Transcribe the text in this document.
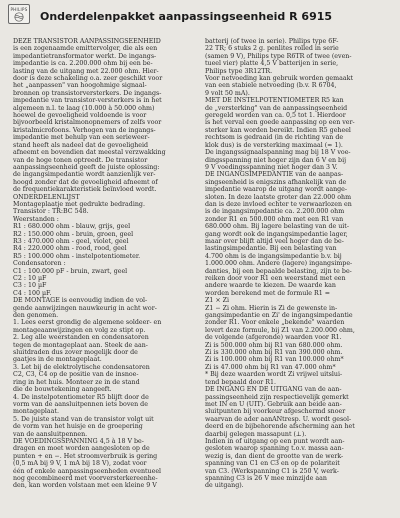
PHILIPS
Onderdelenpakket aanpassingseenheid R 6915

DEZE TRANSISTOR AANPASSINGSEENHEID

is een zogenaamde emittervolger, die als een

impedantietransformator werkt. De ingangs-

impedantie is ca. 2.200.000 ohm bij een be-

lasting van de uitgang met 22.000 ohm. Hier-

door is deze schakeling o.a. zeer geschikt voor

het „aanpassen" van hoogohmige signaal-

bronnen op transistorversterkers. De ingangs-

impedantie van transistor-versterkers is in het

algemeen n.l. te laag (10.000 à 50.000 ohm)

hoewel de gevoeligheid voldoende is voor

bijvoorbeeld kristalmonopnemers of zelfs voor

kristalmicrofoons. Verhogen van de ingangs-

impedantie met behulp van een serieweer-

stand heeft als nadeel dat de gevoeligheid

afneemt en bovendien dat meestal verzwakking

van de hoge tonen optreedt. De transistor

aanpassingseenheid geeft de juiste oplossing:

de ingangsimpedantie wordt aanzienlijk ver-

hoogd zonder dat de gevoeligheid afneemt of

de frequentiekarakteristiek beïnvloed wordt.

ONDERDELENLIJST

Montageplaatje met gedrukte bedrading.

Transistor : TR:BC 548.

Weerstanden :

R1 : 680.000 ohm - blauw, grijs, geel

R2 : 150.000 ohm - bruin, groen, geel

R3 : 470.000 ohm - geel, violet, geel

R4 : 220.000 ohm - rood, rood, geel

R5 : 100.000 ohm - instelpotentiometer.

Condensatoren :

C1 : 100.000 pF - bruin, zwart, geel

C2 : 10 µF

C3 : 10 µF

C4 : 100 µF.

DE MONTAGE is eenvoudig indien de vol-

gende aanwijzingen nauwkeurig in acht wor-

den genomen.

1. Lees eerst grondig de algemene soldeer- en

montageaanwijzingen en volg ze stipt op.

2. Leg alle weerstanden en condensatoren

tegen de montageplaat aan. Steek de aan-

sluitdraden dus zover mogelijk door de

gaatjes in de montageplaat.

3. Let bij de elektrolytische condensatoren

C2, C3, C4 op de positie van de insnoe-

ring in het huis. Monteer ze in de stand

die de bouwtekening aangeeft.

4. De instelpotentiometer R5 blijft door de

vorm van de aansluitpennen iets boven de

montageplaat.

5. De juiste stand van de transistor volgt uit

de vorm van het huisje en de groepering

van de aansluitpennen.

DE VOEDINGSSPANNING 4,5 à 18 V be-

dragen en moet worden aangesloten op de

punten + en −. Het stroomverbruik is gering

(0,5 mA bij 9 V, 1 mA bij 18 V), zodat voor

één of enkele aanpassingseenheden eventueel

nog gecombineerd met voorversterkereenhe-

den, kan worden volstaan met een kleine 9 V

batterij (of twee in serie). Philips type 6F-

22 TR; 6 stuks 2 g. penlites rolled in serie

(samen 9 V), Philips type R6TR of twee (even-

tueel vier) platte 4,5 V batterijen in serie,

Philips type 3R12TR.

Voor netvoeding kan gebruik worden gemaakt

van een stabiele netvoeding (b.v. R 6704,

9 volt 50 mA).

MET DE INSTELPOTENTIOMETER R5 kan

de „versterking" van de aanpassingseenheid

geregeld worden van ca. 0,5 tot 1. Hierdoor

is het verval een goede aanpassing op een ver-

sterker kan worden bereikt. Indien R5 geheel

rechtsom is gedraaid (in de richting van de

klok dus) is de versterking maximaal (≈ 1).

De ingangssignaalspanning mag bij 18 V voe-

dingsspanning niet hoger zijn dan 6 V en bij

9 V voedingsspanning niet hoger dan 3 V.

DE INGANGSIMPEDANTIE van de aanpas-

singseenheid is enigszins afhankelijk van de

impedantie waarop de uitgang wordt aange-

sloten. In deze laatste groter dan 22.000 ohm

dan is deze invloed echter te verwaarlozen en

is de ingangsimpedantie ca. 2.200.000 ohm

zonder R1 en 500.000 ohm met een R1 van

680.000 ohm. Bij lagere belasting van de uit-

gang wordt ook de ingangsimpedantie lager,

maar over blijft altijd veel hoger dan de be-

lastingsimpedantie. Bij een belasting van

4.700 ohm is de ingangsimpedantie b.v. bij

1.000.000 ohm. Andere (lagere) ingangsimpe-

danties, bij een bepaalde belasting, zijn te be-

reiken door voor R1 een weerstand met een

andere waarde te kiezen. De waarde kan

worden berekend met de formule R1 =

Z1 × Zi

Z1 − Zi ohm. Hierin is Zi de gewenste in-

gangsimpedantie en Zi' de ingangsimpedantie

zonder R1. Voor enkele „bekende" waarden

levert deze formule, bij Z1 van 2.200.000 ohm,

de volgende (afgeronde) waarden voor R1.

Zi is 500.000 ohm bij R1 van 680.000 ohm.

Zi is 330.000 ohm bij R1 van 390.000 ohm.

Zi is 100.000 ohm bij R1 van 100.000 ohm*

Zi is 47.000 ohm bij R1 van 47.000 ohm*

* Bij deze waarden wordt Zi vrijwel uitslui-

tend bepaald door R1.

DE INGANG EN DE UITGANG van de aan-

passingseenheid zijn respectievelijk gemerkt

met IN en U (UIT). Gebruik aan beide aan-

sluitpunten bij voorkeur afgeschermd snoer

waarvan de ader aanANtresp. U. wordt gesol-

deerd en de bijbehorende afscherming aan het

daarbij gelegen massapunt (⊥).

Indien in of uitgang op een punt wordt aan-

gesloten waarop spanning t.o.v. massa aan-

wezig is, dan dient de grootte van de werk-

spanning van C1 en C3 en op de polariteit

van C3. (Werkspanning C1 is 250 V, werk-

spanning C3 is 26 V mee minzijde aan

de uitgang).
